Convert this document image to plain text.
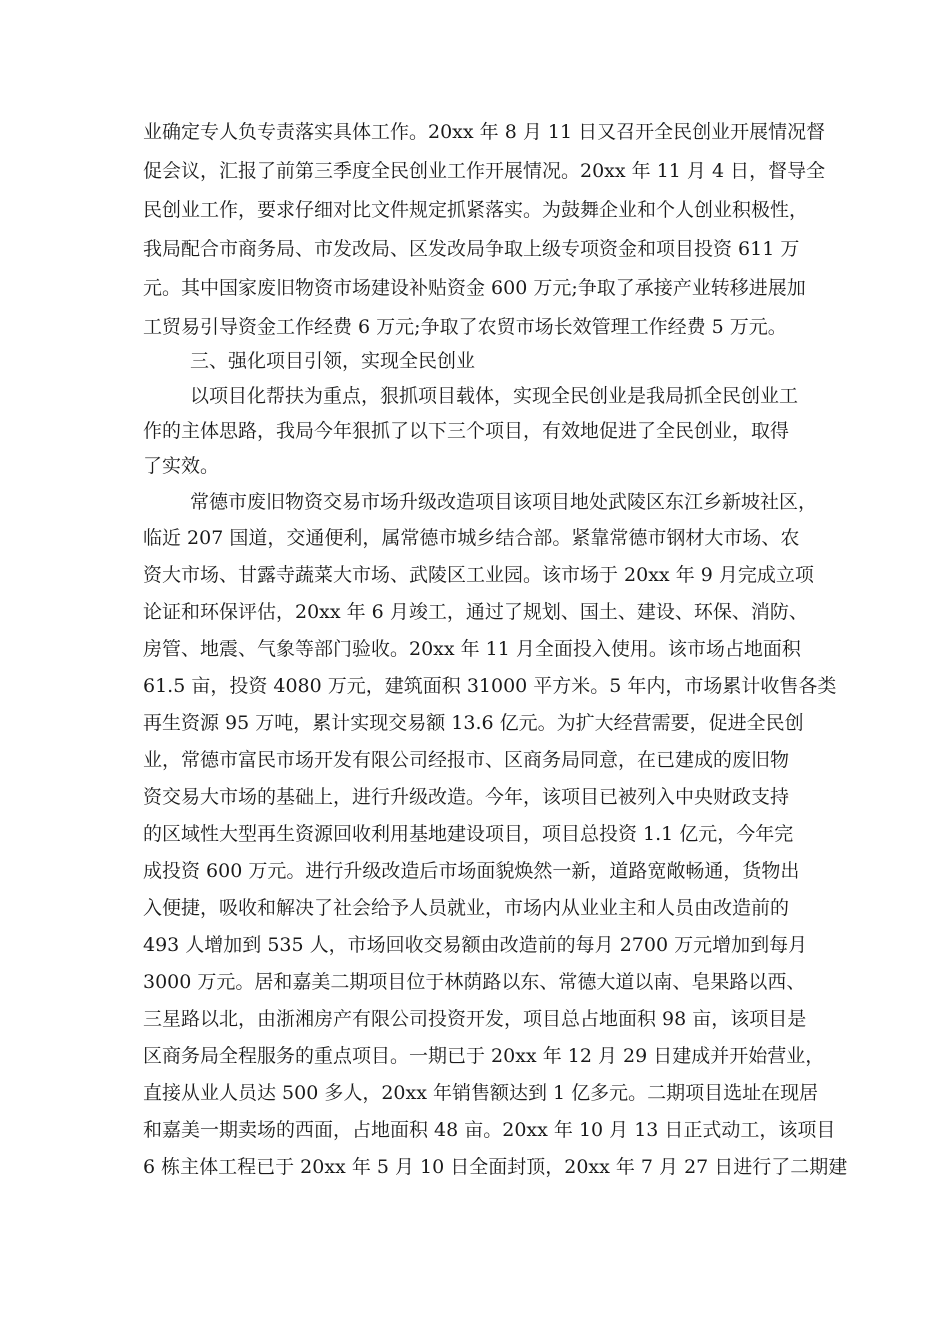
业确定专人负专责落实具体工作。20xx 年 8 月 11 日又召开全民创业开展情况督
促会议，汇报了前第三季度全民创业工作开展情况。20xx 年 11 月 4 日，督导全
民创业工作，要求仔细对比文件规定抓紧落实。为鼓舞企业和个人创业积极性，
我局配合市商务局、市发改局、区发改局争取上级专项资金和项目投资 611 万
元。其中国家废旧物资市场建设补贴资金 600 万元;争取了承接产业转移进展加
工贸易引导资金工作经费 6 万元;争取了农贸市场长效管理工作经费 5 万元。
三、强化项目引领，实现全民创业
以项目化帮扶为重点，狠抓项目载体，实现全民创业是我局抓全民创业工
作的主体思路，我局今年狠抓了以下三个项目，有效地促进了全民创业，取得
了实效。
常德市废旧物资交易市场升级改造项目该项目地处武陵区东江乡新坡社区，
临近 207 国道，交通便利，属常德市城乡结合部。紧靠常德市钢材大市场、农
资大市场、甘露寺蔬菜大市场、武陵区工业园。该市场于 20xx 年 9 月完成立项
论证和环保评估，20xx 年 6 月竣工，通过了规划、国土、建设、环保、消防、
房管、地震、气象等部门验收。20xx 年 11 月全面投入使用。该市场占地面积
61.5 亩，投资 4080 万元，建筑面积 31000 平方米。5 年内，市场累计收售各类
再生资源 95 万吨，累计实现交易额 13.6 亿元。为扩大经营需要，促进全民创
业，常德市富民市场开发有限公司经报市、区商务局同意，在已建成的废旧物
资交易大市场的基础上，进行升级改造。今年，该项目已被列入中央财政支持
的区域性大型再生资源回收利用基地建设项目，项目总投资 1.1 亿元，今年完
成投资 600 万元。进行升级改造后市场面貌焕然一新，道路宽敞畅通，货物出
入便捷，吸收和解决了社会给予人员就业，市场内从业业主和人员由改造前的
493 人增加到 535 人，市场回收交易额由改造前的每月 2700 万元增加到每月
3000 万元。居和嘉美二期项目位于林荫路以东、常德大道以南、皂果路以西、
三星路以北，由浙湘房产有限公司投资开发，项目总占地面积 98 亩，该项目是
区商务局全程服务的重点项目。一期已于 20xx 年 12 月 29 日建成并开始营业，
直接从业人员达 500 多人，20xx 年销售额达到 1 亿多元。二期项目选址在现居
和嘉美一期卖场的西面，占地面积 48 亩。20xx 年 10 月 13 日正式动工，该项目
6 栋主体工程已于 20xx 年 5 月 10 日全面封顶，20xx 年 7 月 27 日进行了二期建
